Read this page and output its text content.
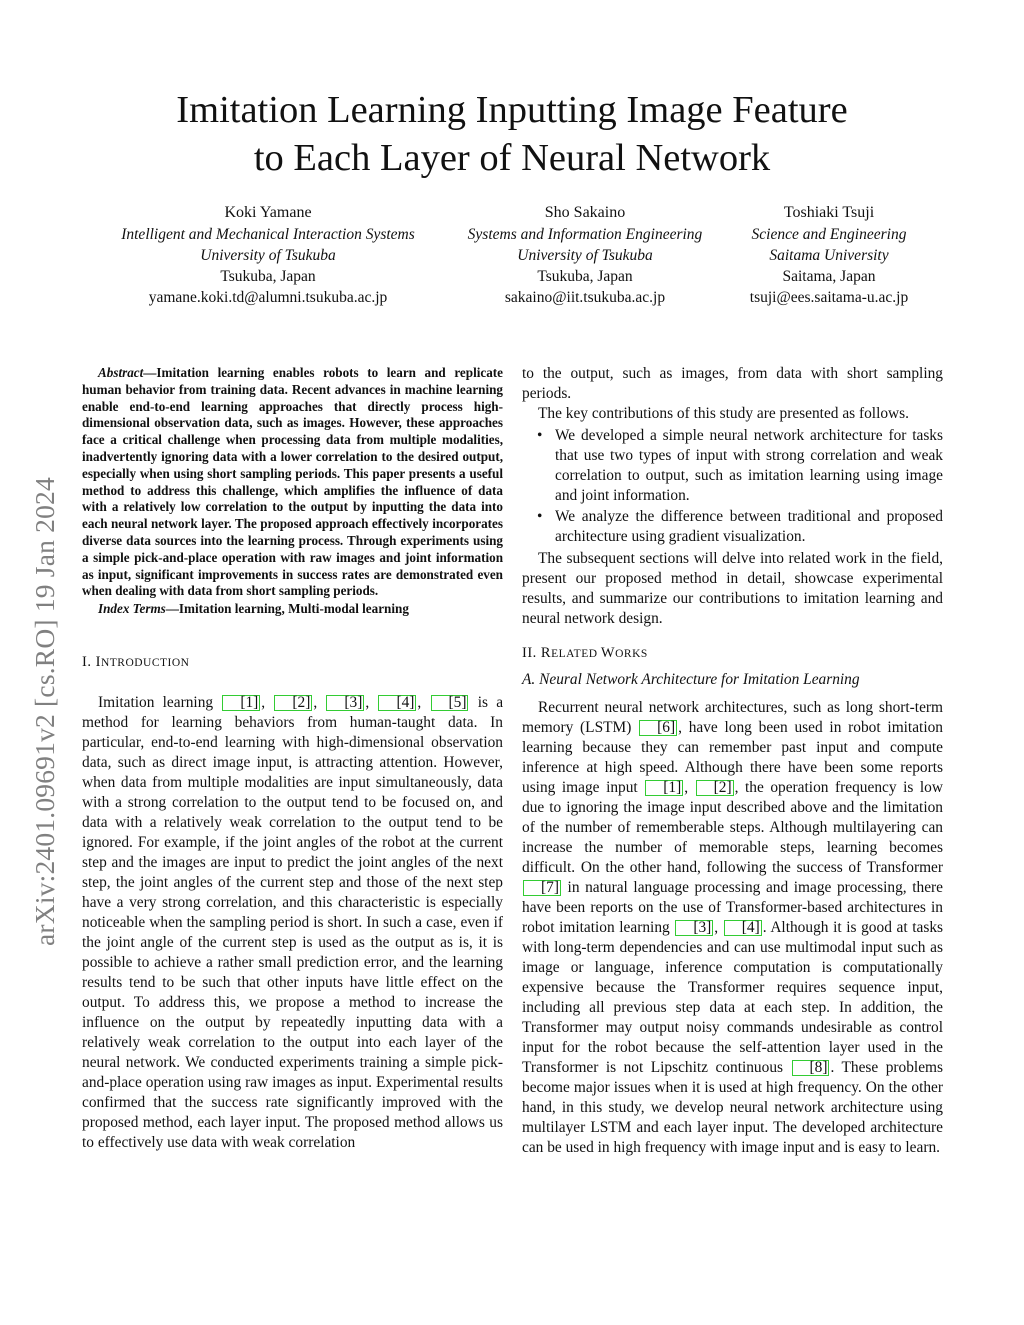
arXiv:2401.09691v2 [cs.RO] 19 Jan 2024
Imitation Learning Inputting Image Feature
to Each Layer of Neural Network
Koki Yamane
Intelligent and Mechanical Interaction Systems
University of Tsukuba
Tsukuba, Japan
yamane.koki.td@alumni.tsukuba.ac.jp
Sho Sakaino
Systems and Information Engineering
University of Tsukuba
Tsukuba, Japan
sakaino@iit.tsukuba.ac.jp
Toshiaki Tsuji
Science and Engineering
Saitama University
Saitama, Japan
tsuji@ees.saitama-u.ac.jp

Abstract—Imitation learning enables robots to learn and replicate human behavior from training data. Recent advances in machine learning enable end-to-end learning approaches that directly process high-dimensional observation data, such as images. However, these approaches face a critical challenge when processing data from multiple modalities, inadvertently ignoring data with a lower correlation to the desired output, especially when using short sampling periods. This paper presents a useful method to address this challenge, which amplifies the influence of data with a relatively low correlation to the output by inputting the data into each neural network layer. The proposed approach effectively incorporates diverse data sources into the learning process. Through experiments using a simple pick-and-place operation with raw images and joint information as input, significant improvements in success rates are demonstrated even when dealing with data from short sampling periods.

Index Terms—Imitation learning, Multi-modal learning

I. INTRODUCTION

Imitation learning [1] , [2] , [3] , [4] , [5] is a method for learning behaviors from human-taught data. In particular, end-to-end learning with high-dimensional observation data, such as direct image input, is attracting attention. However, when data from multiple modalities are input simultaneously, data with a strong correlation to the output tend to be focused on, and data with a relatively weak correlation to the output tend to be ignored. For example, if the joint angles of the robot at the current step and the images are input to predict the joint angles of the next step, the joint angles of the current step and those of the next step have a very strong correlation, and this characteristic is especially noticeable when the sampling period is short. In such a case, even if the joint angle of the current step is used as the output as is, it is possible to achieve a rather small prediction error, and the learning results tend to be such that other inputs have little effect on the output. To address this, we propose a method to increase the influence on the output by repeatedly inputting data with a relatively weak correlation to the output into each layer of the neural network. We conducted experiments training a simple pick-and-place operation using raw images as input. Experimental results confirmed that the success rate significantly improved with the proposed method, each layer input. The proposed method allows us to effectively use data with weak correlation

to the output, such as images, from data with short sampling periods.

The key contributions of this study are presented as follows.

• We developed a simple neural network architecture for tasks that use two types of input with strong correlation and weak correlation to output, such as imitation learning using image and joint information.
• We analyze the difference between traditional and proposed architecture using gradient visualization.

The subsequent sections will delve into related work in the field, present our proposed method in detail, showcase experimental results, and summarize our contributions to imitation learning and neural network design.

II. RELATED WORKS

A. Neural Network Architecture for Imitation Learning

Recurrent neural network architectures, such as long short-term memory (LSTM) [6] , have long been used in robot imitation learning because they can remember past input and compute inference at high speed. Although there have been some reports using image input [1] , [2] , the operation frequency is low due to ignoring the image input described above and the limitation of the number of rememberable steps. Although multilayering can increase the number of memorable steps, learning becomes difficult. On the other hand, following the success of Transformer [7] in natural language processing and image processing, there have been reports on the use of Transformer-based architectures in robot imitation learning [3] , [4] . Although it is good at tasks with long-term dependencies and can use multimodal input such as image or language, inference computation is computationally expensive because the Transformer requires sequence input, including all previous step data at each step. In addition, the Transformer may output noisy commands undesirable as control input for the robot because the self-attention layer used in the Transformer is not Lipschitz continuous [8] . These problems become major issues when it is used at high frequency. On the other hand, in this study, we develop neural network architecture using multilayer LSTM and each layer input. The developed architecture can be used in high frequency with image input and is easy to learn.
